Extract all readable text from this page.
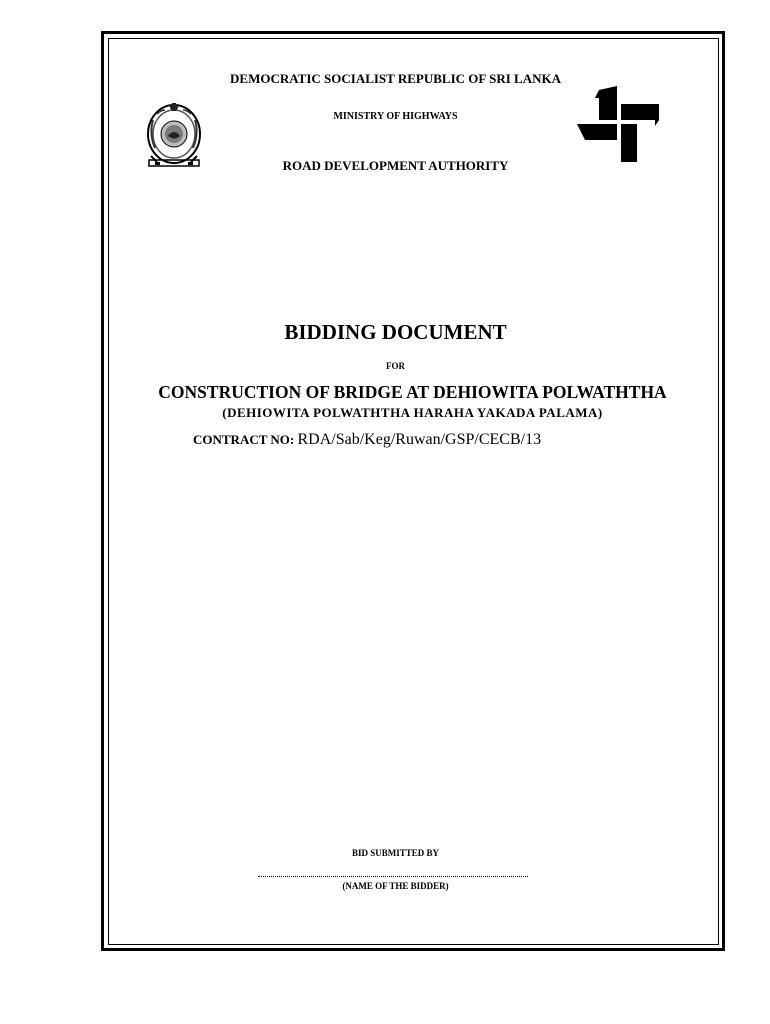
DEMOCRATIC SOCIALIST REPUBLIC OF SRI LANKA
MINISTRY OF HIGHWAYS
ROAD DEVELOPMENT AUTHORITY
BIDDING DOCUMENT
FOR
CONSTRUCTION OF BRIDGE AT DEHIOWITA POLWATHTHA
(DEHIOWITA POLWATHTHA HARAHA YAKADA PALAMA)
CONTRACT NO: RDA/Sab/Keg/Ruwan/GSP/CECB/13
BID SUBMITTED BY
(NAME OF THE BIDDER)
